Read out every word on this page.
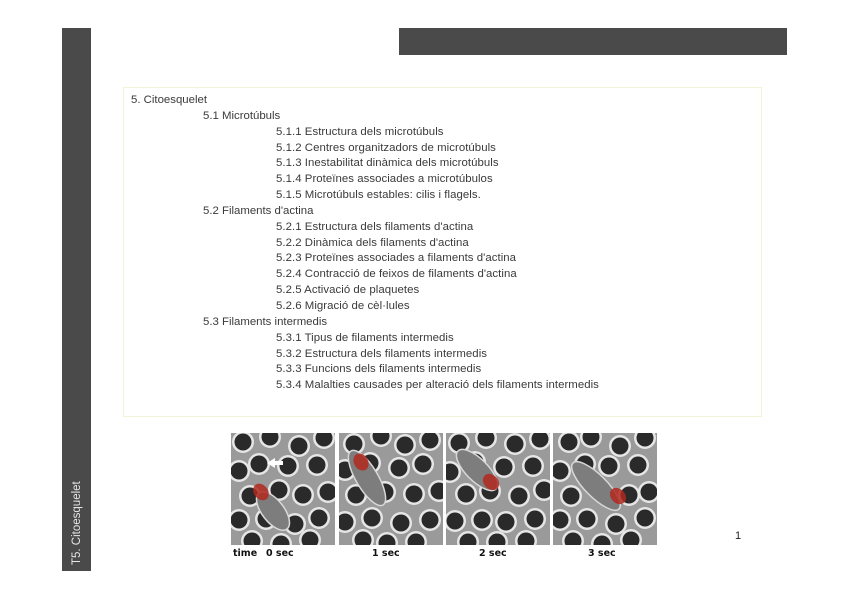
T5. Citoesquelet
5. Citoesquelet
5.1 Microtúbuls
5.1.1 Estructura dels microtúbuls
5.1.2 Centres organitzadors de microtúbuls
5.1.3 Inestabilitat dinàmica dels microtúbuls
5.1.4 Proteïnes associades a microtúbulos
5.1.5 Microtúbuls estables: cilis i flagels.
5.2 Filaments d'actina
5.2.1 Estructura dels filaments d'actina
5.2.2 Dinàmica dels filaments d'actina
5.2.3 Proteïnes associades a filaments d'actina
5.2.4 Contracció de feixos de filaments d'actina
5.2.5 Activació de plaquetes
5.2.6 Migració de cèl·lules
5.3 Filaments intermedis
5.3.1 Tipus de filaments intermedis
5.3.2 Estructura dels filaments intermedis
5.3.3 Funcions dels filaments intermedis
5.3.4 Malalties causades per alteració dels filaments intermedis
time 0 sec	1 sec	2 sec	3 sec
1
